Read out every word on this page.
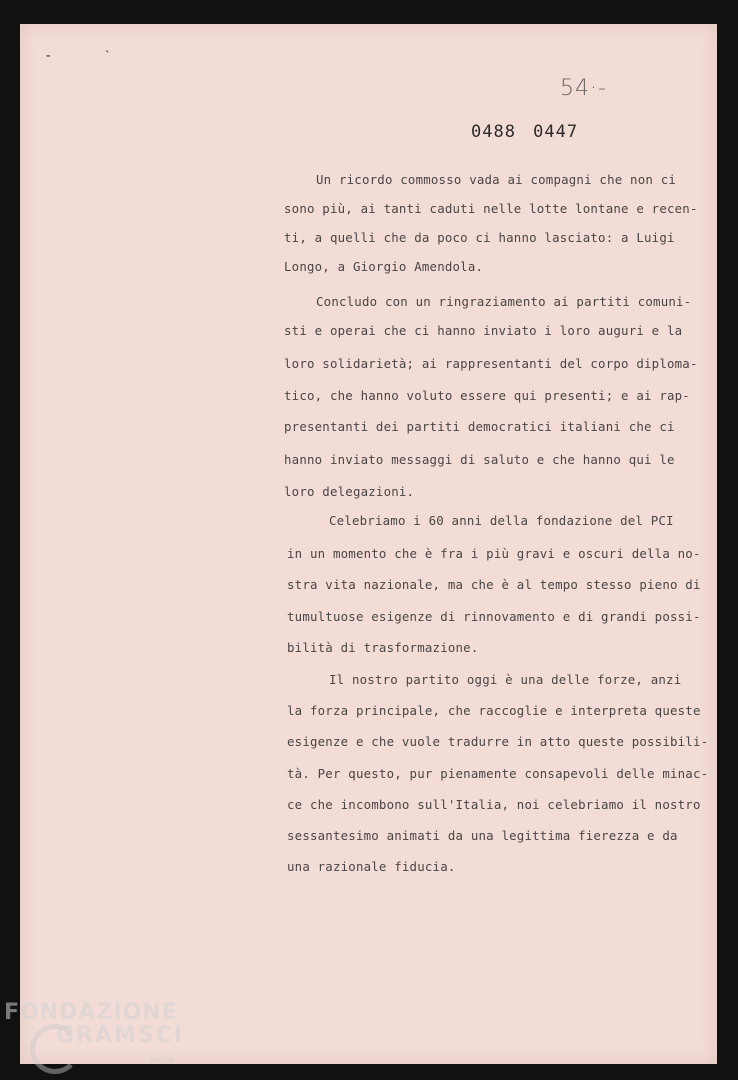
- ˋ
54·-
0488 0447
Un ricordo commosso vada ai compagni che non ci
sono più, ai tanti caduti nelle lotte lontane e recen-
ti, a quelli che da poco ci hanno lasciato: a Luigi
Longo, a Giorgio Amendola.
Concludo con un ringraziamento ai partiti comuni-
sti e operai che ci hanno inviato i loro auguri e la
loro solidarietà; ai rappresentanti del corpo diploma-
tico, che hanno voluto essere qui presenti; e ai rap-
presentanti dei partiti democratici italiani che ci
hanno inviato messaggi di saluto e che hanno qui le
loro delegazioni.
Celebriamo i 60 anni della fondazione del PCI
in un momento che è fra i più gravi e oscuri della no-
stra vita nazionale, ma che è al tempo stesso pieno di
tumultuose esigenze di rinnovamento e di grandi possi-
bilità di trasformazione.
Il nostro partito oggi è una delle forze, anzi
la forza principale, che raccoglie e interpreta queste
esigenze e che vuole tradurre in atto queste possibili-
tà. Per questo, pur pienamente consapevoli delle minac-
ce che incombono sull'Italia, noi celebriamo il nostro
sessantesimo animati da una legittima fierezza e da
una razionale fiducia.
FONDAZIONE
GRAMSCI
onlus
